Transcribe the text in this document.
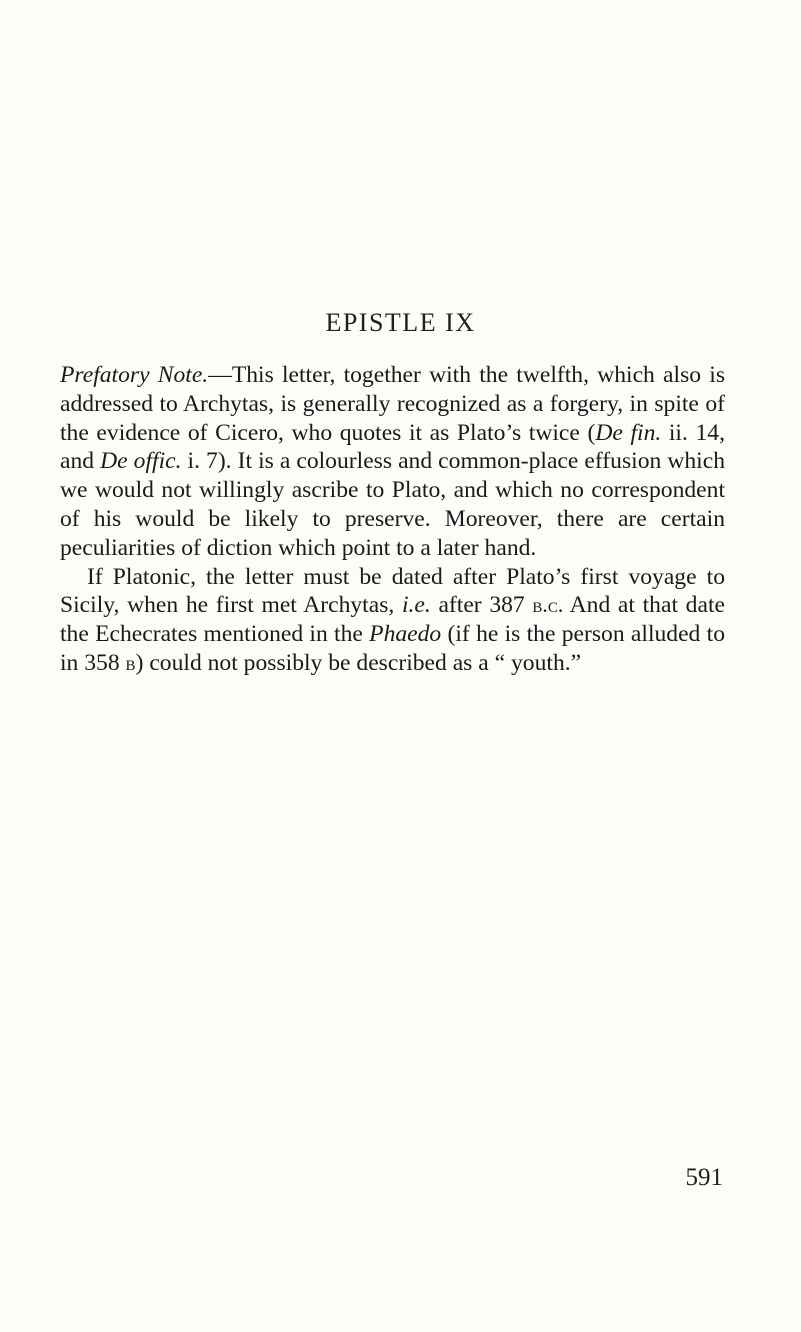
EPISTLE IX

Prefatory Note.—This letter, together with the twelfth, which also is addressed to Archytas, is generally recognized as a forgery, in spite of the evidence of Cicero, who quotes it as Plato’s twice (De fin. ii. 14, and De offic. i. 7). It is a colourless and common-place effusion which we would not willingly ascribe to Plato, and which no correspondent of his would be likely to preserve. Moreover, there are certain peculiarities of diction which point to a later hand.

If Platonic, the letter must be dated after Plato’s first voyage to Sicily, when he first met Archytas, i.e. after 387 b.c. And at that date the Echecrates mentioned in the Phaedo (if he is the person alluded to in 358 b) could not possibly be described as a “ youth.”

591
